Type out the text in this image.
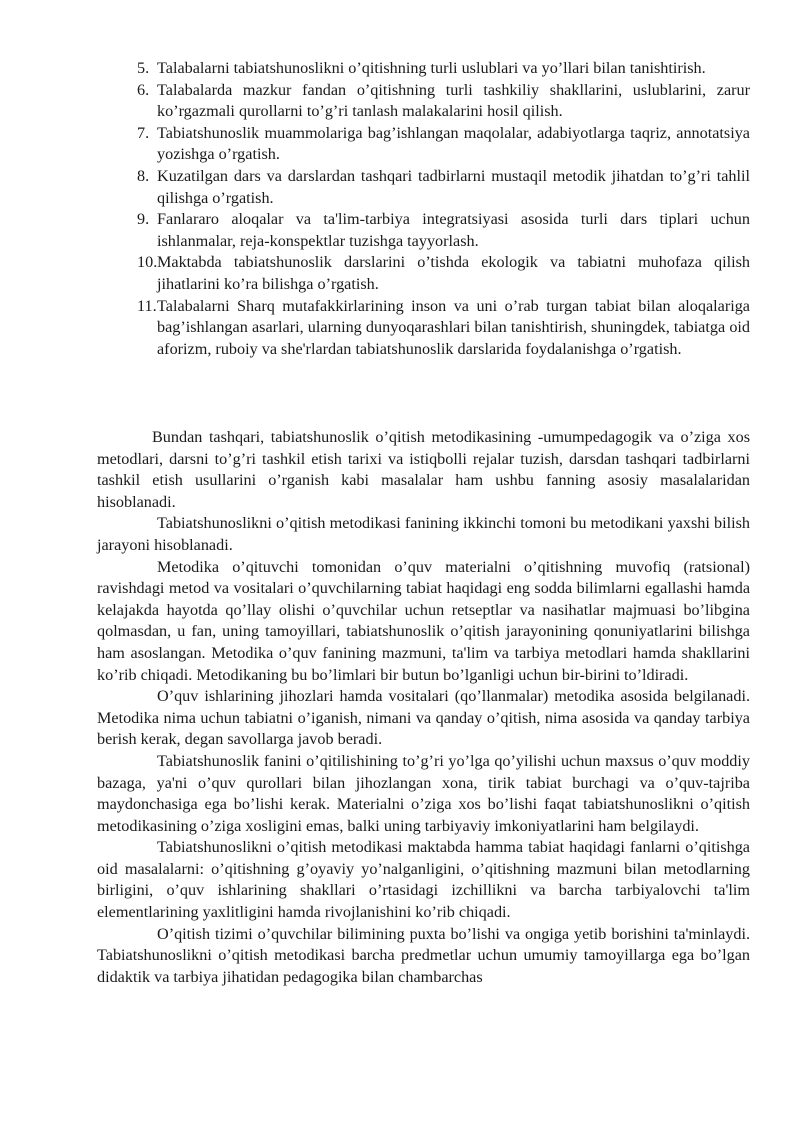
5. Talabalarni tabiatshunoslikni o’qitishning turli uslublari va yo’llari bilan tanishtirish.
6. Talabalarda mazkur fandan o’qitishning turli tashkiliy shakllarini, uslublarini, zarur ko’rgazmali qurollarni to’g’ri tanlash malakalarini hosil qilish.
7. Tabiatshunoslik muammolariga bag’ishlangan maqolalar, adabiyotlarga taqriz, annotatsiya yozishga o’rgatish.
8. Kuzatilgan dars va darslardan tashqari tadbirlarni mustaqil metodik jihatdan to’g’ri tahlil qilishga o’rgatish.
9. Fanlararo aloqalar va ta'lim-tarbiya integratsiyasi asosida turli dars tiplari uchun ishlanmalar, reja-konspektlar tuzishga tayyorlash.
10. Maktabda tabiatshunoslik darslarini o’tishda ekologik va tabiatni muhofaza qilish jihatlarini ko’ra bilishga o’rgatish.
11. Talabalarni Sharq mutafakkirlarining inson va uni o’rab turgan tabiat bilan aloqalariga bag’ishlangan asarlari, ularning dunyoqarashlari bilan tanishtirish, shuningdek, tabiatga oid aforizm, ruboiy va she'rlardan tabiatshunoslik darslarida foydalanishga o’rgatish.

Bundan tashqari, tabiatshunoslik o’qitish metodikasining -umumpedagogik va o’ziga xos metodlari, darsni to’g’ri tashkil etish tarixi va istiqbolli rejalar tuzish, darsdan tashqari tadbirlarni tashkil etish usullarini o’rganish kabi masalalar ham ushbu fanning asosiy masalalaridan hisoblanadi.

Tabiatshunoslikni o’qitish metodikasi fanining ikkinchi tomoni bu metodikani yaxshi bilish jarayoni hisoblanadi.

Metodika o’qituvchi tomonidan o’quv materialni o’qitishning muvofiq (ratsional) ravishdagi metod va vositalari o’quvchilarning tabiat haqidagi eng sodda bilimlarni egallashi hamda kelajakda hayotda qo’llay olishi o’quvchilar uchun retseptlar va nasihatlar majmuasi bo’libgina qolmasdan, u fan, uning tamoyillari, tabiatshunoslik o’qitish jarayonining qonuniyatlarini bilishga ham asoslangan. Metodika o’quv fanining mazmuni, ta'lim va tarbiya metodlari hamda shakllarini ko’rib chiqadi. Metodikaning bu bo’limlari bir butun bo’lganligi uchun bir-birini to’ldiradi.

O’quv ishlarining jihozlari hamda vositalari (qo’llanmalar) metodika asosida belgilanadi. Metodika nima uchun tabiatni o’iganish, nimani va qanday o’qitish, nima asosida va qanday tarbiya berish kerak, degan savollarga javob beradi.

Tabiatshunoslik fanini o’qitilishining to’g’ri yo’lga qo’yilishi uchun maxsus o’quv moddiy bazaga, ya'ni o’quv qurollari bilan jihozlangan xona, tirik tabiat burchagi va o’quv-tajriba maydonchasiga ega bo’lishi kerak. Materialni o’ziga xos bo’lishi faqat tabiatshunoslikni o’qitish metodikasining o’ziga xosligini emas, balki uning tarbiyaviy imkoniyatlarini ham belgilaydi.

Tabiatshunoslikni o’qitish metodikasi maktabda hamma tabiat haqidagi fanlarni o’qitishga oid masalalarni: o’qitishning g’oyaviy yo’nalganligini, o’qitishning mazmuni bilan metodlarning birligini, o’quv ishlarining shakllari o’rtasidagi izchillikni va barcha tarbiyalovchi ta'lim elementlarining yaxlitligini hamda rivojlanishini ko’rib chiqadi.

O’qitish tizimi o’quvchilar bilimining puxta bo’lishi va ongiga yetib borishini ta'minlaydi. Tabiatshunoslikni o’qitish metodikasi barcha predmetlar uchun umumiy tamoyillarga ega bo’lgan didaktik va tarbiya jihatidan pedagogika bilan chambarchas
